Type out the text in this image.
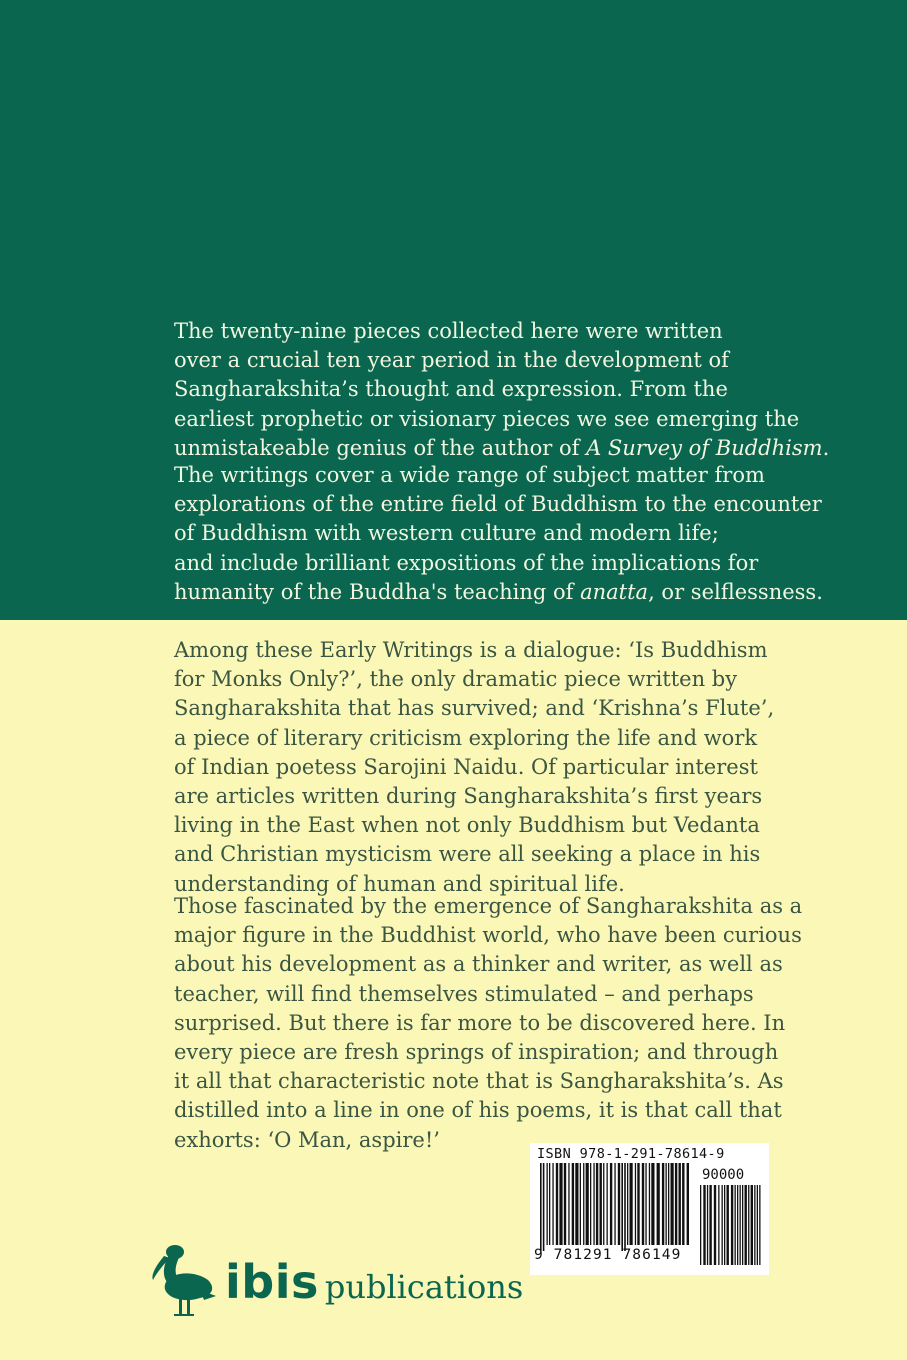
The twenty-nine pieces collected here were written
over a crucial ten year period in the development of
Sangharakshita’s thought and expression. From the
earliest prophetic or visionary pieces we see emerging the
unmistakeable genius of the author of A Survey of Buddhism.

The writings cover a wide range of subject matter from
explorations of the entire field of Buddhism to the encounter
of Buddhism with western culture and modern life;
and include brilliant expositions of the implications for
humanity of the Buddha's teaching of anatta, or selflessness.

Among these Early Writings is a dialogue: ‘Is Buddhism
for Monks Only?’, the only dramatic piece written by
Sangharakshita that has survived; and ‘Krishna’s Flute’,
a piece of literary criticism exploring the life and work
of Indian poetess Sarojini Naidu. Of particular interest
are articles written during Sangharakshita’s first years
living in the East when not only Buddhism but Vedanta
and Christian mysticism were all seeking a place in his
understanding of human and spiritual life.

Those fascinated by the emergence of Sangharakshita as a
major figure in the Buddhist world, who have been curious
about his development as a thinker and writer, as well as
teacher, will find themselves stimulated – and perhaps
surprised. But there is far more to be discovered here. In
every piece are fresh springs of inspiration; and through
it all that characteristic note that is Sangharakshita’s. As
distilled into a line in one of his poems, it is that call that
exhorts: ‘O Man, aspire!’

ISBN 978-1-291-78614-9
90000
9 781291 786149
ibis publications
